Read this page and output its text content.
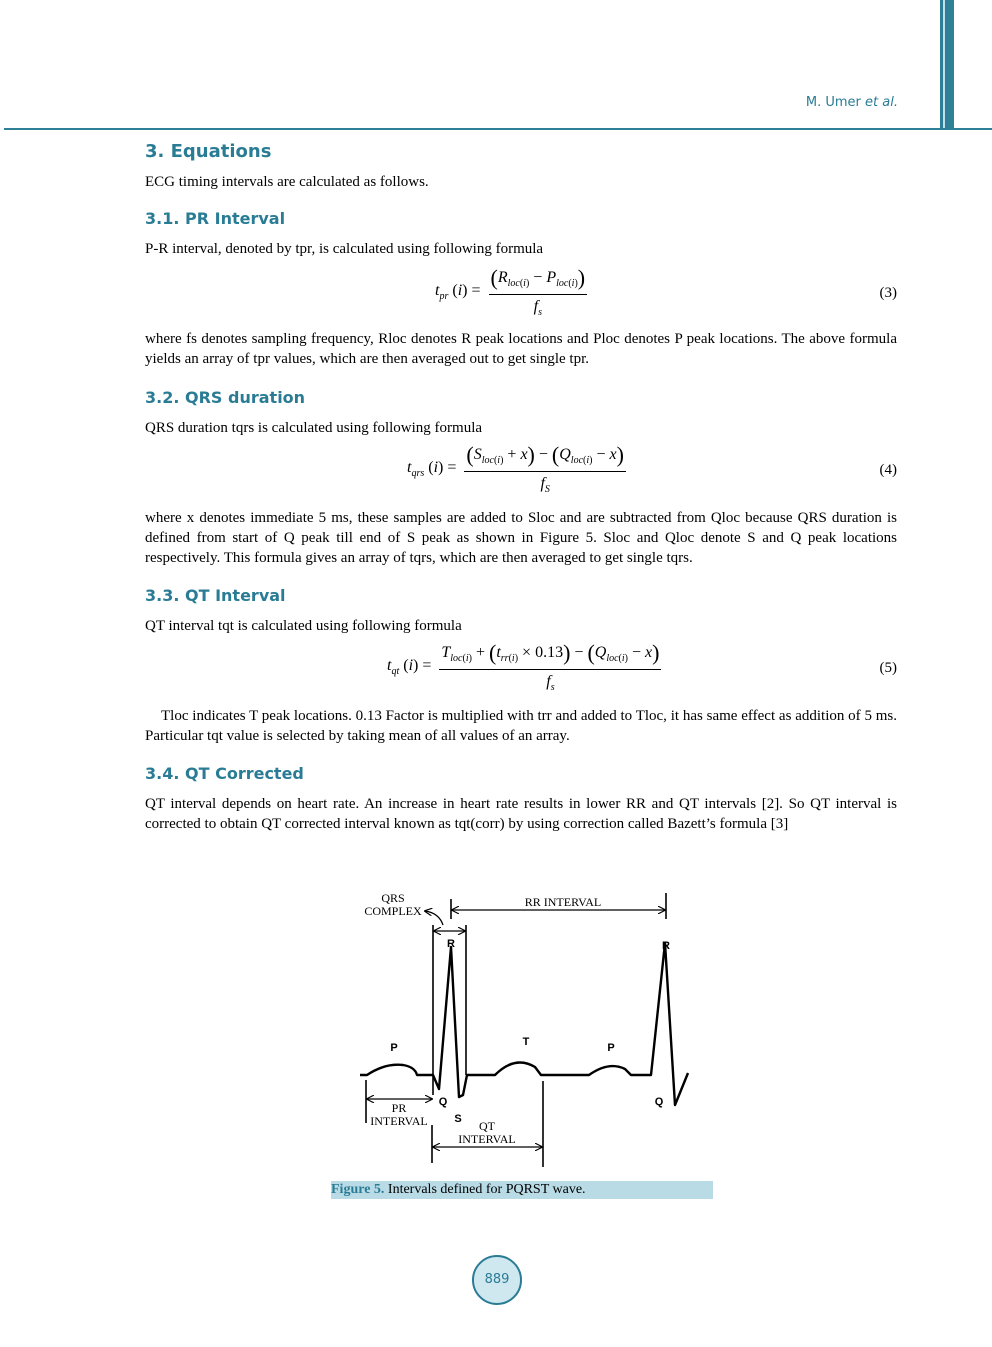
M. Umer et al.
3. Equations

ECG timing intervals are calculated as follows.

3.1. PR Interval

P-R interval, denoted by tpr, is calculated using following formula

$t_{pr}$ $(i) = \frac{(R_{loc(i)} - P_{loc(i)})}{f_s}$	(3)

where fs denotes sampling frequency, Rloc denotes R peak locations and Ploc denotes P peak locations. The above formula yields an array of tpr values, which are then averaged out to get single tpr.

3.2. QRS duration

QRS duration tqrs is calculated using following formula

$t_{qrs}$ $(i) = \frac{(S_{loc(i)} + x) - (Q_{loc(i)} - x)}{f_S}$	(4)

where x denotes immediate 5 ms, these samples are added to Sloc and are subtracted from Qloc because QRS duration is defined from start of Q peak till end of S peak as shown in Figure 5. Sloc and Qloc denote S and Q peak locations respectively. This formula gives an array of tqrs, which are then averaged to get single tqrs.

3.3. QT Interval

QT interval tqt is calculated using following formula

$t_{qt}$ $(i) = \frac{T_{loc(i)} + (t_{rr(i)} \times 0.13) - (Q_{loc(i)} - x)}{f_s}$	(5)

Tloc indicates T peak locations. 0.13 Factor is multiplied with trr and added to Tloc, it has same effect as addition of 5 ms. Particular tqt value is selected by taking mean of all values of an array.

3.4. QT Corrected

QT interval depends on heart rate. An increase in heart rate results in lower RR and QT intervals [2]. So QT interval is corrected to obtain QT corrected interval known as tqt(corr) by using correction called Bazett’s formula [3]

QRS
COMPLEX
RR INTERVAL
R	R
P	T	P
Q
S
Q
PR
INTERVAL	QT
INTERVAL
Figure 5. Intervals defined for PQRST wave.
889
